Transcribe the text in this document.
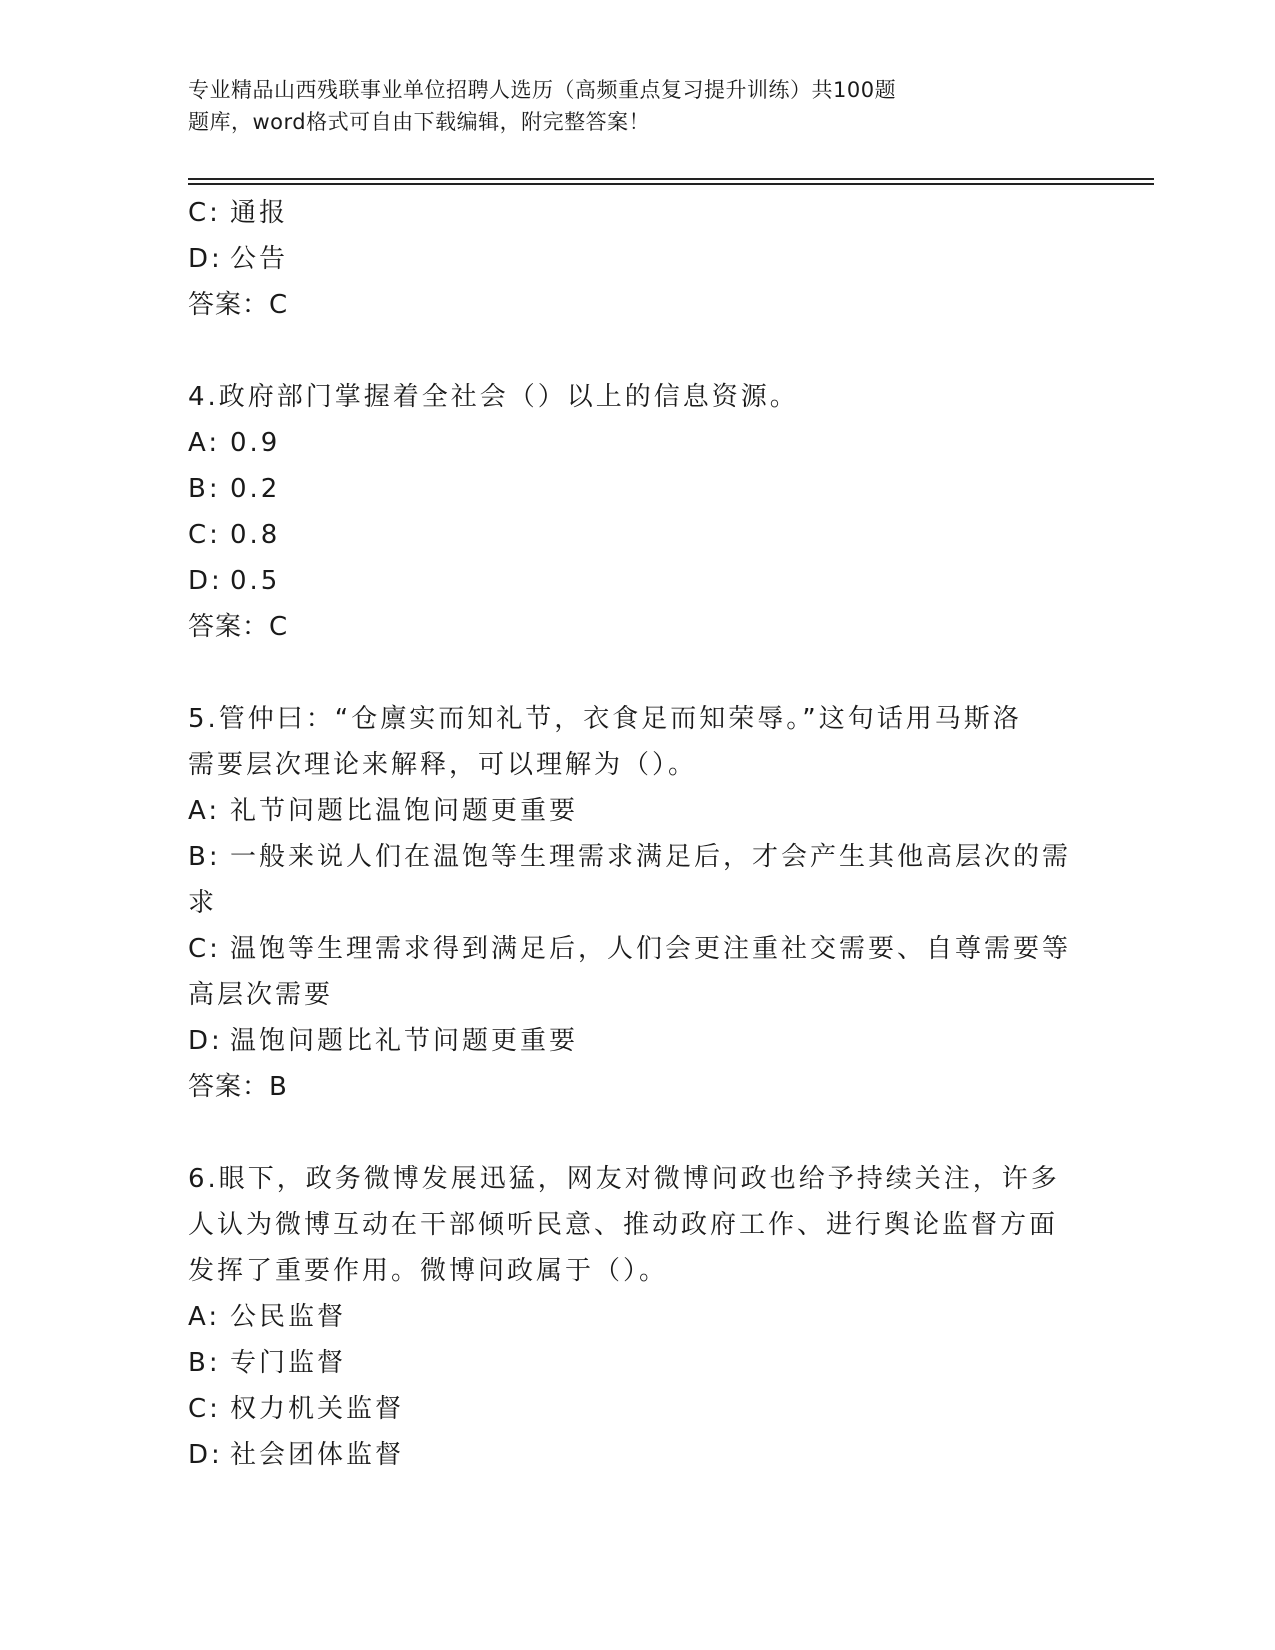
专业精品山西残联事业单位招聘人选历（高频重点复习提升训练）共100题
题库，word格式可自由下载编辑，附完整答案！
C: 通报
D: 公告
答案：C
4.政府部门掌握着全社会（）以上的信息资源。
A: 0.9
B: 0.2
C: 0.8
D: 0.5
答案：C
5.管仲曰：“仓廪实而知礼节，衣食足而知荣辱。”这句话用马斯洛
需要层次理论来解释，可以理解为（）。
A: 礼节问题比温饱问题更重要
B: 一般来说人们在温饱等生理需求满足后，才会产生其他高层次的需
求
C: 温饱等生理需求得到满足后，人们会更注重社交需要、自尊需要等
高层次需要
D: 温饱问题比礼节问题更重要
答案：B
6.眼下，政务微博发展迅猛，网友对微博问政也给予持续关注，许多
人认为微博互动在干部倾听民意、推动政府工作、进行舆论监督方面
发挥了重要作用。微博问政属于（）。
A: 公民监督
B: 专门监督
C: 权力机关监督
D: 社会团体监督
